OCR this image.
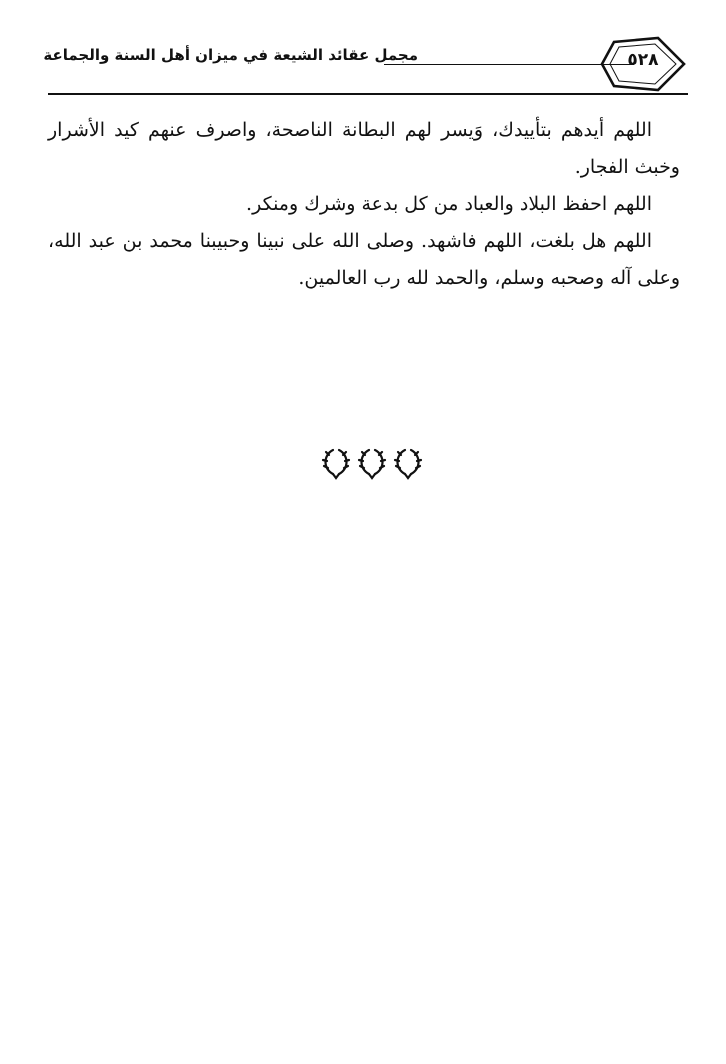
مجمل عقائد الشيعة في ميزان أهل السنة والجماعة	٥٢٨

اللهم أيدهم بتأييدك، وَيسر لهم البطانة الناصحة، واصرف عنهم كيد الأشرار وخبث الفجار.

اللهم احفظ البلاد والعباد من كل بدعة وشرك ومنكر.

اللهم هل بلغت، اللهم فاشهد. وصلى الله على نبينا وحبيبنا محمد بن عبد الله، وعلى آله وصحبه وسلم، والحمد لله رب العالمين.
